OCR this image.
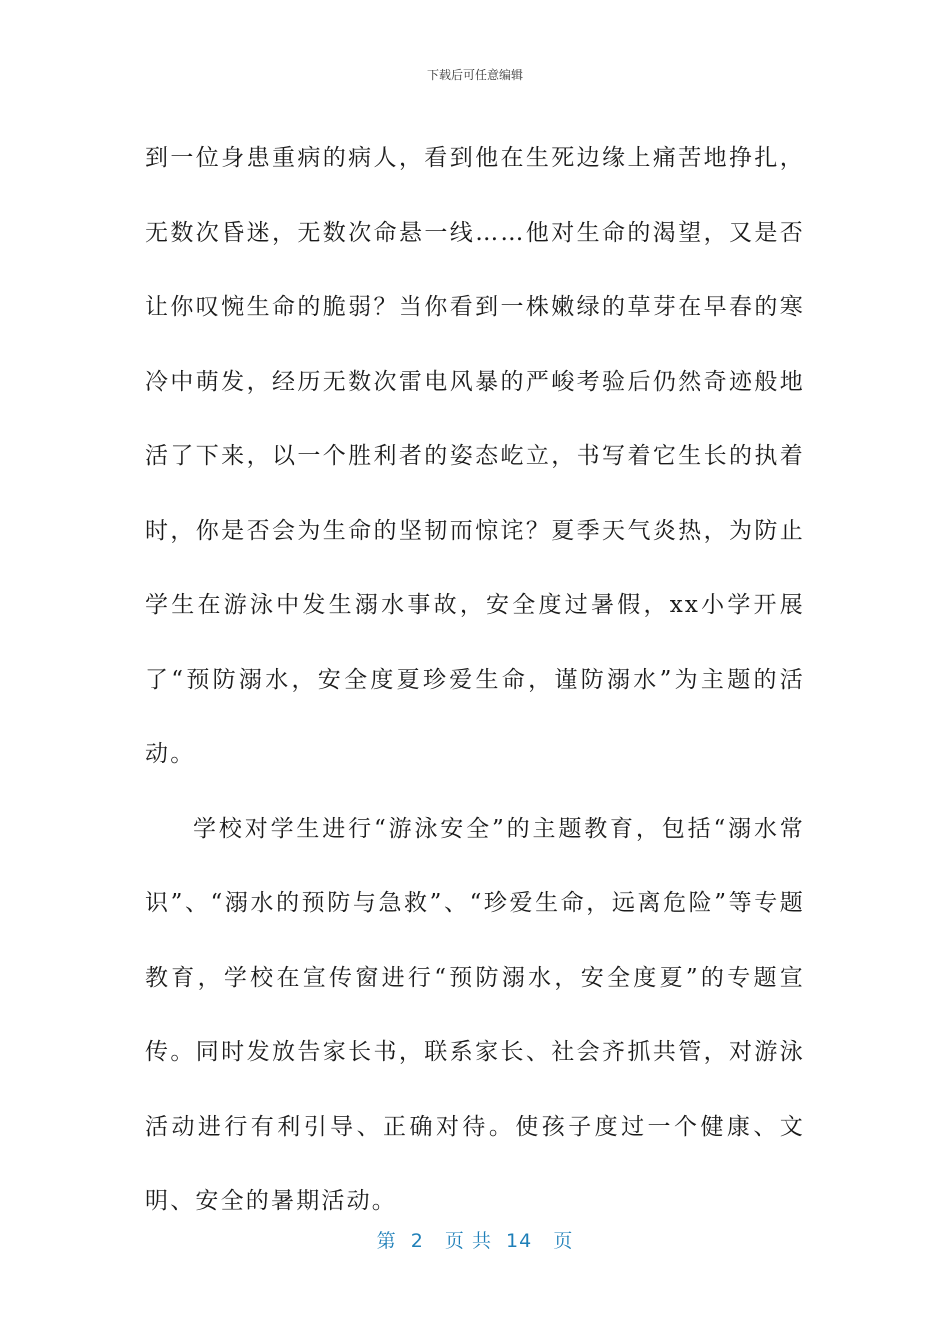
下载后可任意编辑

到一位身患重病的病人，看到他在生死边缘上痛苦地挣扎，无数次昏迷，无数次命悬一线……他对生命的渴望，又是否让你叹惋生命的脆弱？当你看到一株嫩绿的草芽在早春的寒冷中萌发，经历无数次雷电风暴的严峻考验后仍然奇迹般地活了下来，以一个胜利者的姿态屹立，书写着它生长的执着时，你是否会为生命的坚韧而惊诧？夏季天气炎热，为防止学生在游泳中发生溺水事故，安全度过暑假，xx小学开展了“预防溺水，安全度夏珍爱生命，谨防溺水”为主题的活动。

学校对学生进行“游泳安全”的主题教育，包括“溺水常识”、“溺水的预防与急救”、“珍爱生命，远离危险”等专题教育，学校在宣传窗进行“预防溺水，安全度夏”的专题宣传。同时发放告家长书，联系家长、社会齐抓共管，对游泳活动进行有利引导、正确对待。使孩子度过一个健康、文明、安全的暑期活动。

第  2   页 共  14   页
